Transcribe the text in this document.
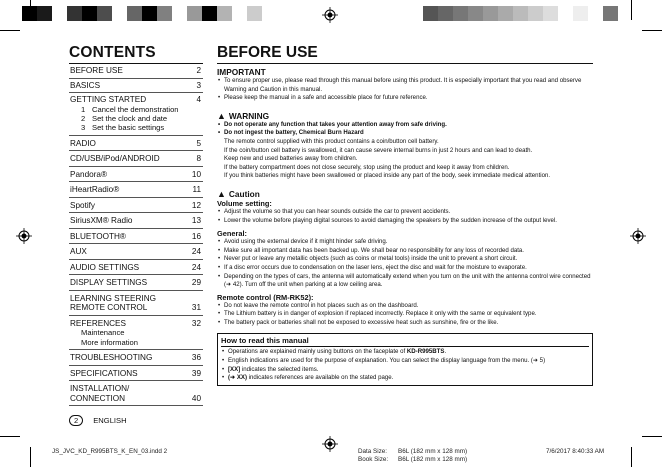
CONTENTS
BEFORE USE	2
BASICS	3
GETTING STARTED	4
1 Cancel the demonstration
2 Set the clock and date
3 Set the basic settings
RADIO	5
CD/USB/iPod/ANDROID	8
Pandora®	10
iHeartRadio®	11
Spotify	12
SiriusXM® Radio	13
BLUETOOTH®	16
AUX	24
AUDIO SETTINGS	24
DISPLAY SETTINGS	29
LEARNING STEERING
REMOTE CONTROL	31
REFERENCES	32
Maintenance
More information
TROUBLESHOOTING	36
SPECIFICATIONS	39
INSTALLATION/
CONNECTION	40
BEFORE USE
IMPORTANT
• To ensure proper use, please read through this manual before using this product. It is especially important that you read and observe Warning and Caution in this manual.
• Please keep the manual in a safe and accessible place for future reference.
▲ WARNING
• Do not operate any function that takes your attention away from safe driving.
• Do not ingest the battery, Chemical Burn Hazard
The remote control supplied with this product contains a coin/button cell battery.
If the coin/button cell battery is swallowed, it can cause severe internal burns in just 2 hours and can lead to death.
Keep new and used batteries away from children.
If the battery compartment does not close securely, stop using the product and keep it away from children.
If you think batteries might have been swallowed or placed inside any part of the body, seek immediate medical attention.
▲ Caution
Volume setting:
• Adjust the volume so that you can hear sounds outside the car to prevent accidents.
• Lower the volume before playing digital sources to avoid damaging the speakers by the sudden increase of the output level.
General:
• Avoid using the external device if it might hinder safe driving.
• Make sure all important data has been backed up. We shall bear no responsibility for any loss of recorded data.
• Never put or leave any metallic objects (such as coins or metal tools) inside the unit to prevent a short circuit.
• If a disc error occurs due to condensation on the laser lens, eject the disc and wait for the moisture to evaporate.
• Depending on the types of cars, the antenna will automatically extend when you turn on the unit with the antenna control wire connected (➜ 42). Turn off the unit when parking at a low ceiling area.
Remote control (RM-RK52):
• Do not leave the remote control in hot places such as on the dashboard.
• The Lithium battery is in danger of explosion if replaced incorrectly. Replace it only with the same or equivalent type.
• The battery pack or batteries shall not be exposed to excessive heat such as sunshine, fire or the like.
How to read this manual
• Operations are explained mainly using buttons on the faceplate of KD-R995BTS.
• English indications are used for the purpose of explanation. You can select the display language from the menu. (➜ 5)
• [XX] indicates the selected items.
• (➜ XX) indicates references are available on the stated page.
2	ENGLISH
JS_JVC_KD_R995BTS_K_EN_03.indd 2	Data Size: B6L (182 mm x 128 mm)
Book Size: B6L (182 mm x 128 mm)
7/6/2017 8:40:33 AM
